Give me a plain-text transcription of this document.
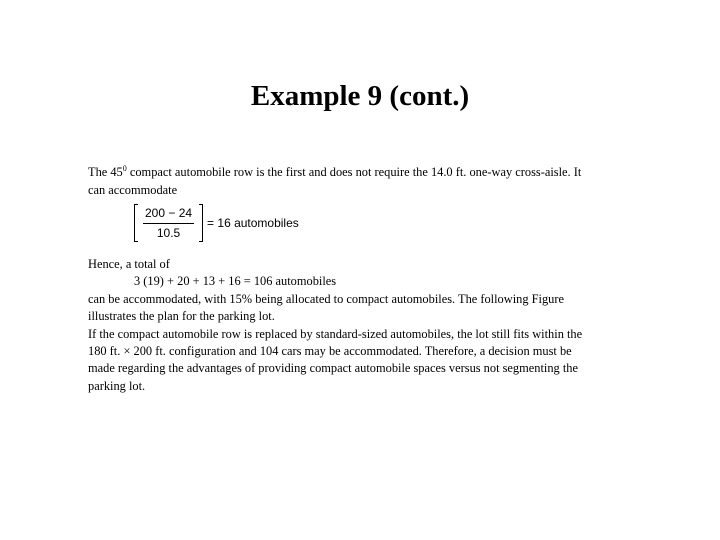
Example 9 (cont.)
The $45^0$ compact automobile row is the first and does not require the 14.0 ft. one-way cross-aisle. It
can accommodate
$\frac{200 - 24}{10.5} = 16$ automobiles
Hence, a total of
3 (19) + 20 + 13 + 16 = 106 automobiles
can be accommodated, with 15% being allocated to compact automobiles. The following Figure
illustrates the plan for the parking lot.
If the compact automobile row is replaced by standard-sized automobiles, the lot still fits within the
180 ft. × 200 ft. configuration and 104 cars may be accommodated. Therefore, a decision must be
made regarding the advantages of providing compact automobile spaces versus not segmenting the
parking lot.
